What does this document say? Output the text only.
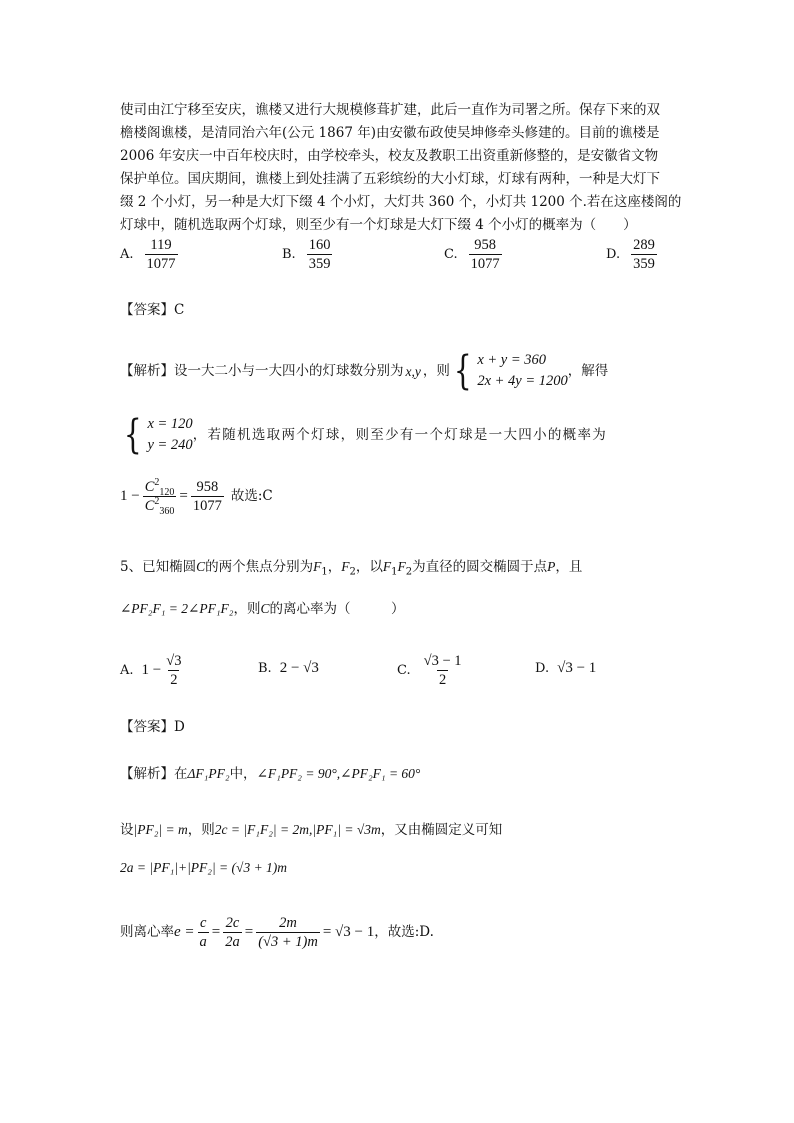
使司由江宁移至安庆，谯楼又进行大规模修葺扩建，此后一直作为司署之所。保存下来的双
檐楼阁谯楼，是清同治六年(公元 1867 年)由安徽布政使吴坤修牵头修建的。目前的谯楼是
2006 年安庆一中百年校庆时，由学校牵头，校友及教职工出资重新修整的，是安徽省文物
保护单位。国庆期间，谯楼上到处挂满了五彩缤纷的大小灯球，灯球有两种，一种是大灯下
缀 2 个小灯，另一种是大灯下缀 4 个小灯，大灯共 360 个，小灯共 1200 个.若在这座楼阁的
灯球中，随机选取两个灯球，则至少有一个灯球是大灯下缀 4 个小灯的概率为（　　）
A. $\frac{119}{1077}$	B. $\frac{160}{359}$	C. $\frac{958}{1077}$	D. $\frac{289}{359}$
【答案】C
【解析】设一大二小与一大四小的灯球数分别为 x,y ，则 { x + y = 360
2x + 4y = 1200
，解得
{ x = 120
y = 240
，若随机选取两个灯球，则至少有一个灯球是一大四小的概率为
$1 - \frac{C^2_{120}}{C^2_{360}} = \frac{958}{1077}$ 故选:C
5、已知椭圆C的两个焦点分别为$F_1$，$F_2$，以$F_1F_2$为直径的圆交椭圆于点P，且
∠PF₂F₁ = 2∠PF₁F₂，则C的离心率为（　　　）
A. $1 - \frac{√3}{2}$	B. 2 − √3	C. $\frac{√3 - 1}{2}$	D. √3 − 1
【答案】D
【解析】在ΔF₁PF₂中，∠F₁PF₂ = 90°,∠PF₂F₁ = 60°
设|PF₂| = m，则2c = |F₁F₂| = 2m,|PF₁| = √3m，又由椭圆定义可知
2a = |PF₁|+|PF₂| = (√3 + 1)m
则离心率 $e = \frac{c}{a} = \frac{2c}{2a} = \frac{2m}{(√3 + 1)m} = √3 - 1$ ，故选:D.
